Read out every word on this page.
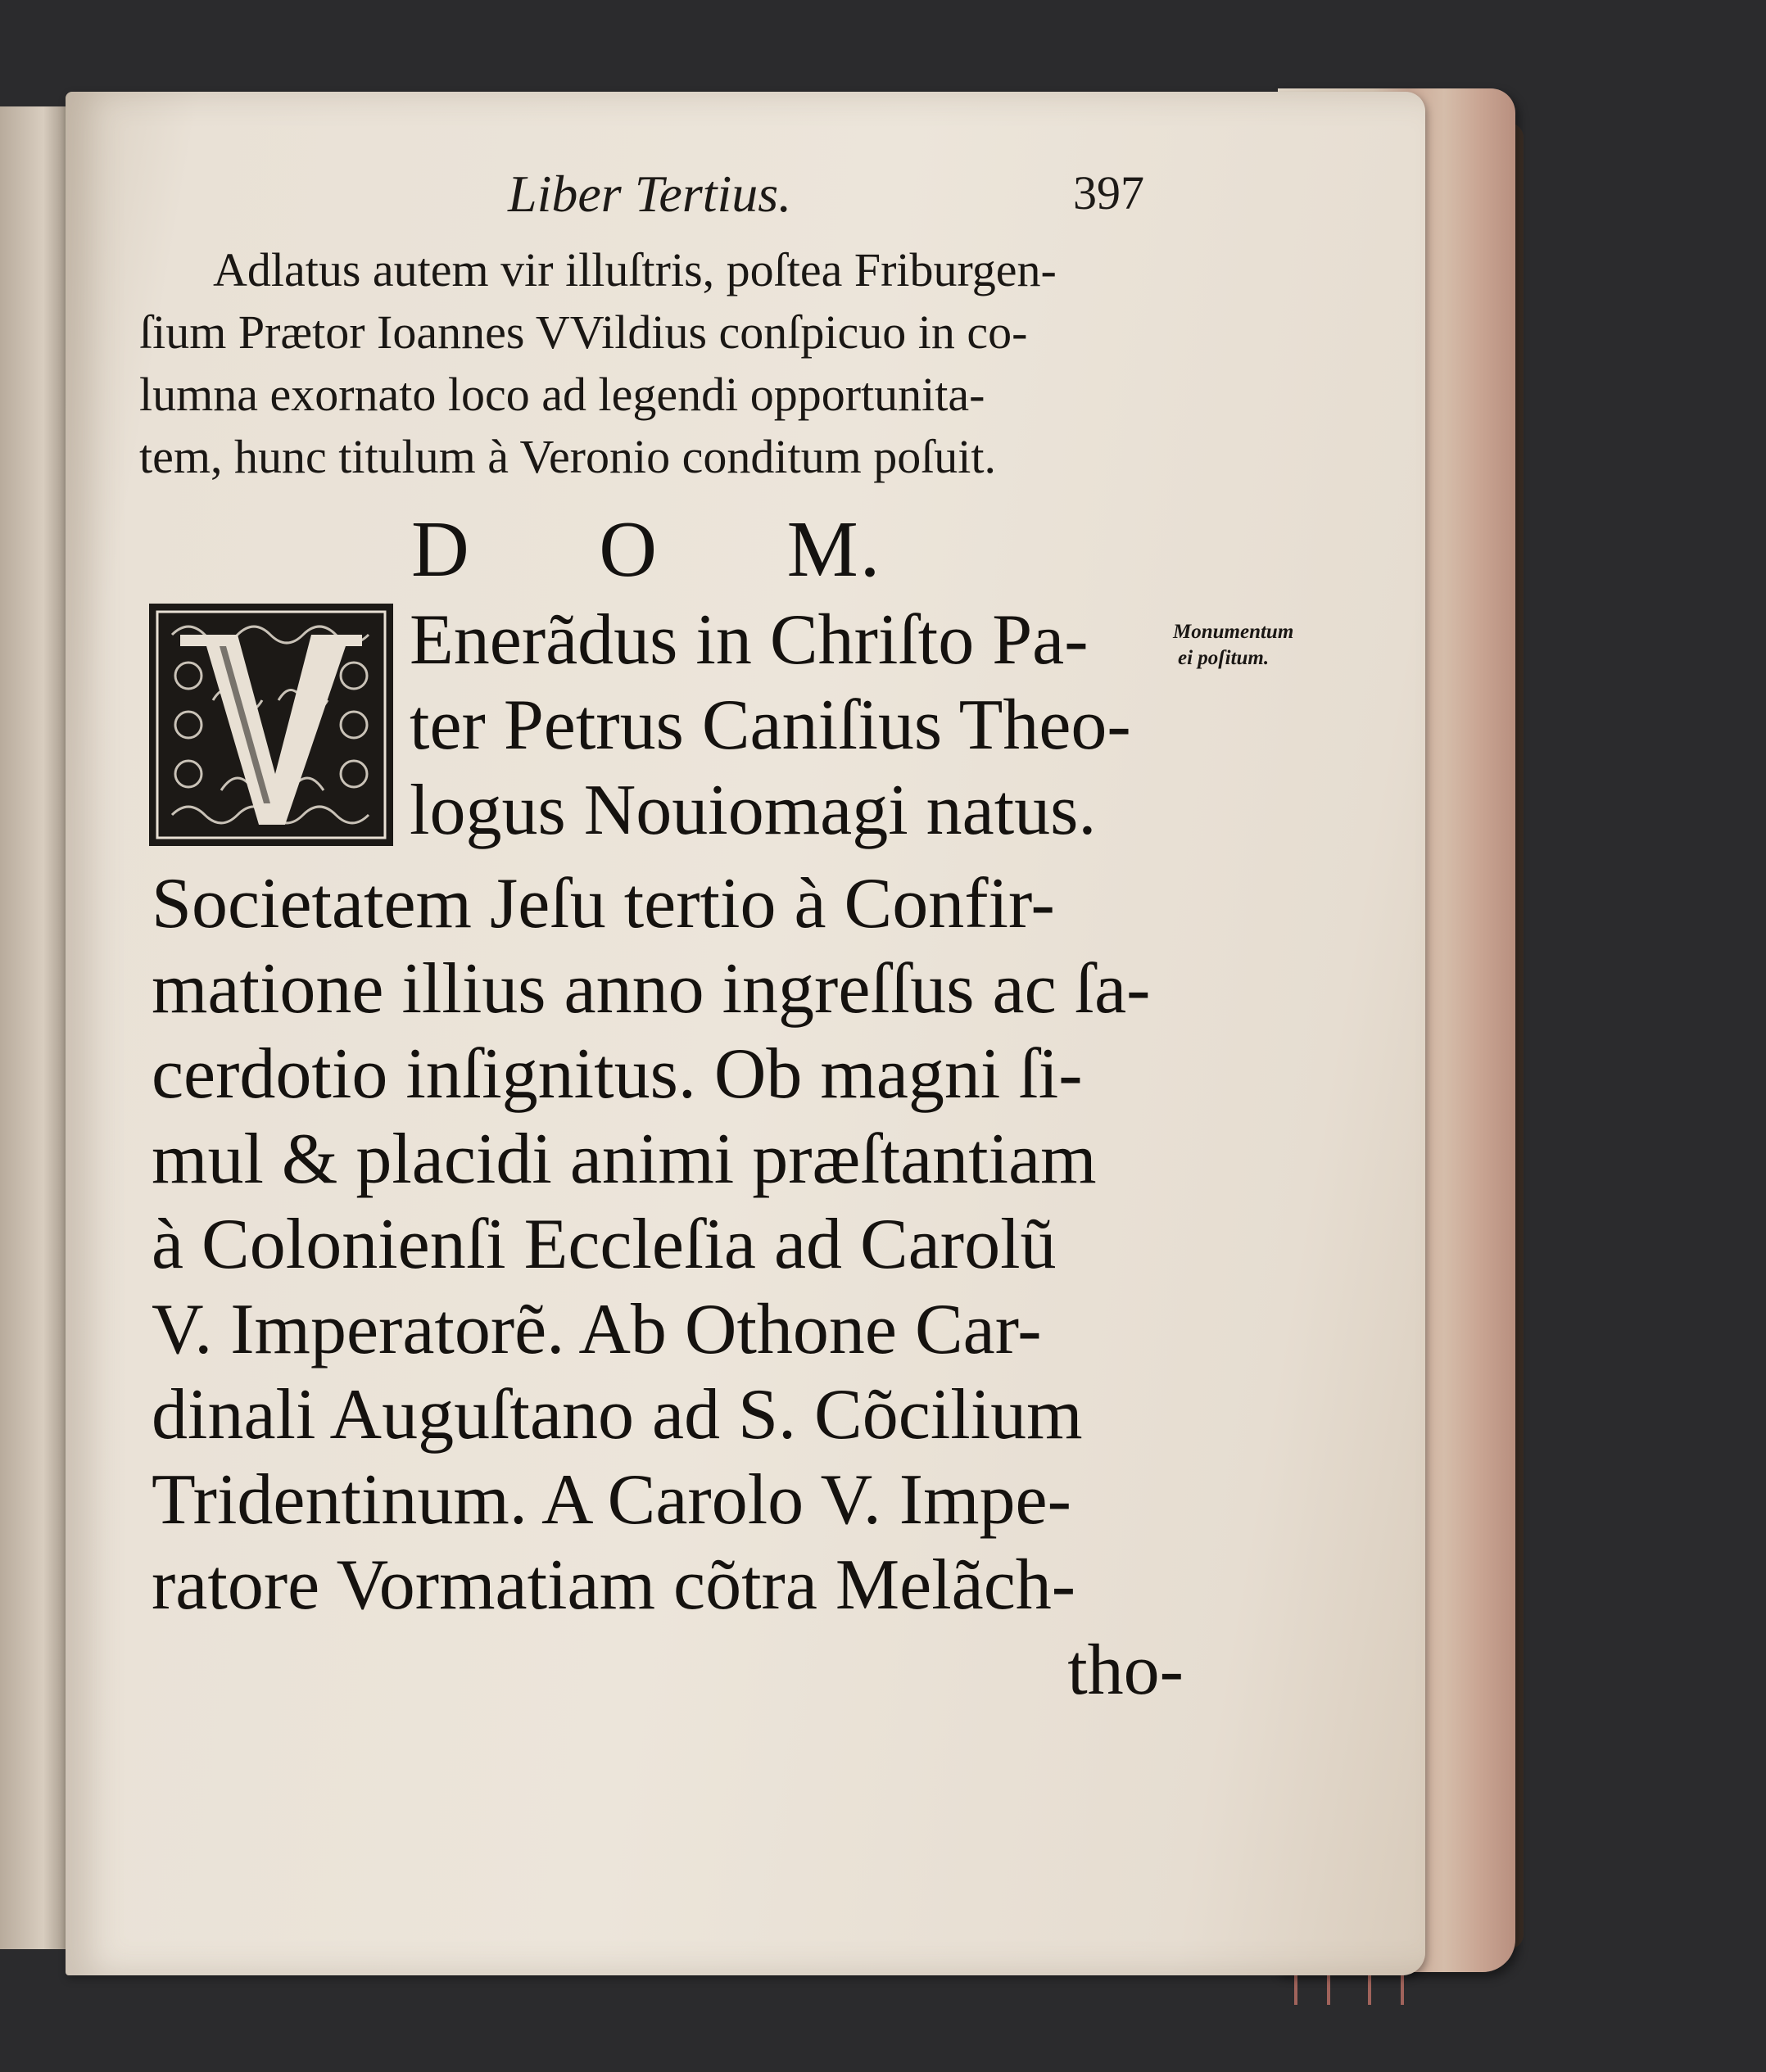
Liber Tertius.	397
Adlatus autem vir illuſtris, poſtea Friburgen-
ſium Prætor Ioannes VVildius conſpicuo in co-
lumna exornato loco ad legendi opportunita-
tem, hunc titulum à Veronio conditum poſuit.
D O M.
Enerãdus in Chriſto Pa-
ter Petrus Caniſius Theo-
logus Nouiomagi natus.
Societatem Jeſu tertio à Confir-
matione illius anno ingreſſus ac ſa-
cerdotio inſignitus. Ob magni ſi-
mul & placidi animi præſtantiam
à Colonienſi Eccleſia ad Carolũ
V. Imperatorẽ. Ab Othone Car-
dinali Auguſtano ad S. Cõcilium
Tridentinum. A Carolo V. Impe-
ratore Vormatiam cõtra Melãch-
tho-
Monumentum
ei poſitum.
